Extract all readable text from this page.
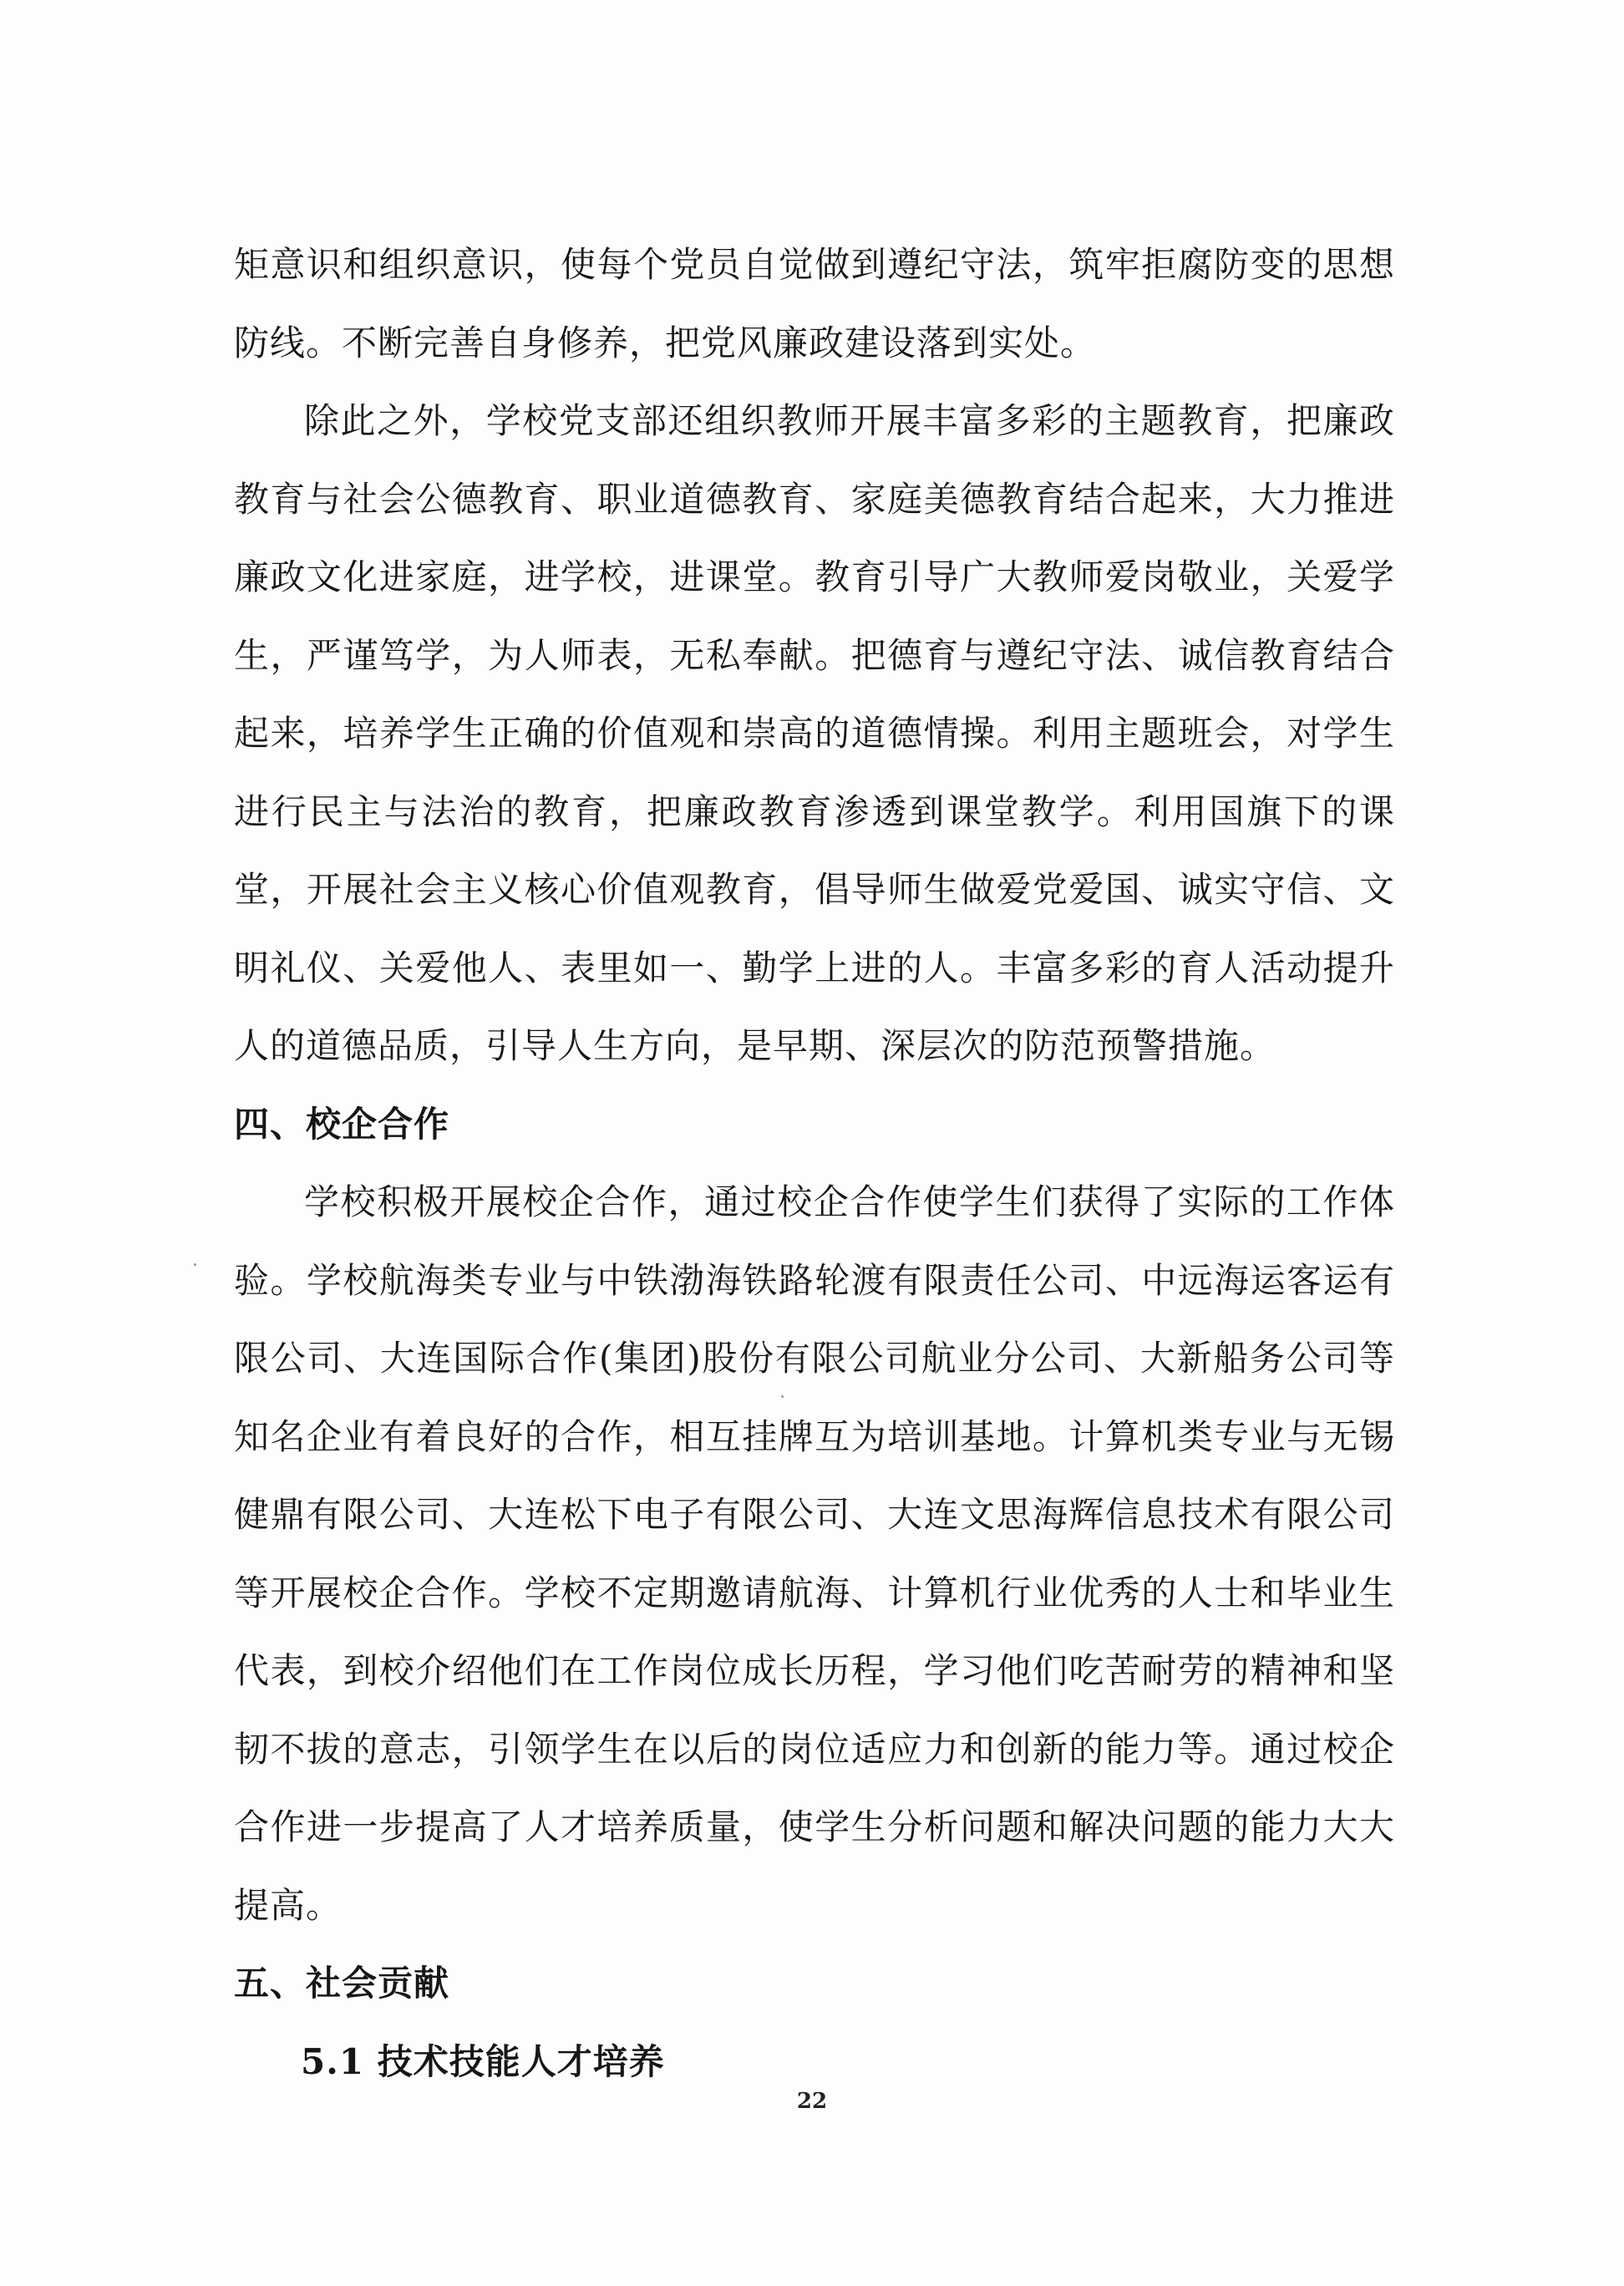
矩意识和组织意识，使每个党员自觉做到遵纪守法，筑牢拒腐防变的思想防线。不断完善自身修养，把党风廉政建设落到实处。

除此之外，学校党支部还组织教师开展丰富多彩的主题教育，把廉政教育与社会公德教育、职业道德教育、家庭美德教育结合起来，大力推进廉政文化进家庭，进学校，进课堂。教育引导广大教师爱岗敬业，关爱学生，严谨笃学，为人师表，无私奉献。把德育与遵纪守法、诚信教育结合起来，培养学生正确的价值观和崇高的道德情操。利用主题班会，对学生进行民主与法治的教育，把廉政教育渗透到课堂教学。利用国旗下的课堂，开展社会主义核心价值观教育，倡导师生做爱党爱国、诚实守信、文明礼仪、关爱他人、表里如一、勤学上进的人。丰富多彩的育人活动提升人的道德品质，引导人生方向，是早期、深层次的防范预警措施。

四、校企合作

学校积极开展校企合作，通过校企合作使学生们获得了实际的工作体验。学校航海类专业与中铁渤海铁路轮渡有限责任公司、中远海运客运有限公司、大连国际合作(集团)股份有限公司航业分公司、大新船务公司等知名企业有着良好的合作，相互挂牌互为培训基地。计算机类专业与无锡健鼎有限公司、大连松下电子有限公司、大连文思海辉信息技术有限公司等开展校企合作。学校不定期邀请航海、计算机行业优秀的人士和毕业生代表，到校介绍他们在工作岗位成长历程，学习他们吃苦耐劳的精神和坚韧不拔的意志，引领学生在以后的岗位适应力和创新的能力等。通过校企合作进一步提高了人才培养质量，使学生分析问题和解决问题的能力大大提高。

五、社会贡献
5.1 技术技能人才培养
22
